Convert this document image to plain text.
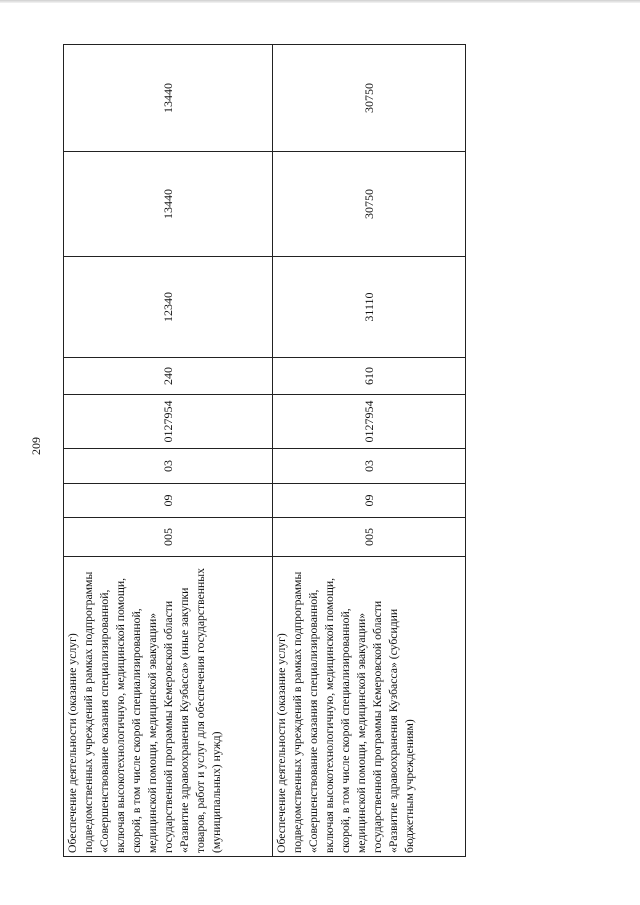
209
Обеспечение деятельности (оказание услуг) подведомственных учреждений в рамках подпрограммы «Совершенствование оказания специализированной, включая высокотехнологичную, медицинской помощи, скорой, в том числе скорой специализированной, медицинской помощи, медицинской эвакуации» государственной программы Кемеровской области «Развитие здравоохранения Кузбасса» (иные закупки товаров, работ и услуг для обеспечения государственных (муниципальных) нужд)	005	09	03	0127954	240	12340	13440	13440
Обеспечение деятельности (оказание услуг) подведомственных учреждений в рамках подпрограммы «Совершенствование оказания специализированной, включая высокотехнологичную, медицинской помощи, скорой, в том числе скорой специализированной, медицинской помощи, медицинской эвакуации» государственной программы Кемеровской области «Развитие здравоохранения Кузбасса» (субсидии бюджетным учреждениям)	005	09	03	0127954	610	31110	30750	30750
